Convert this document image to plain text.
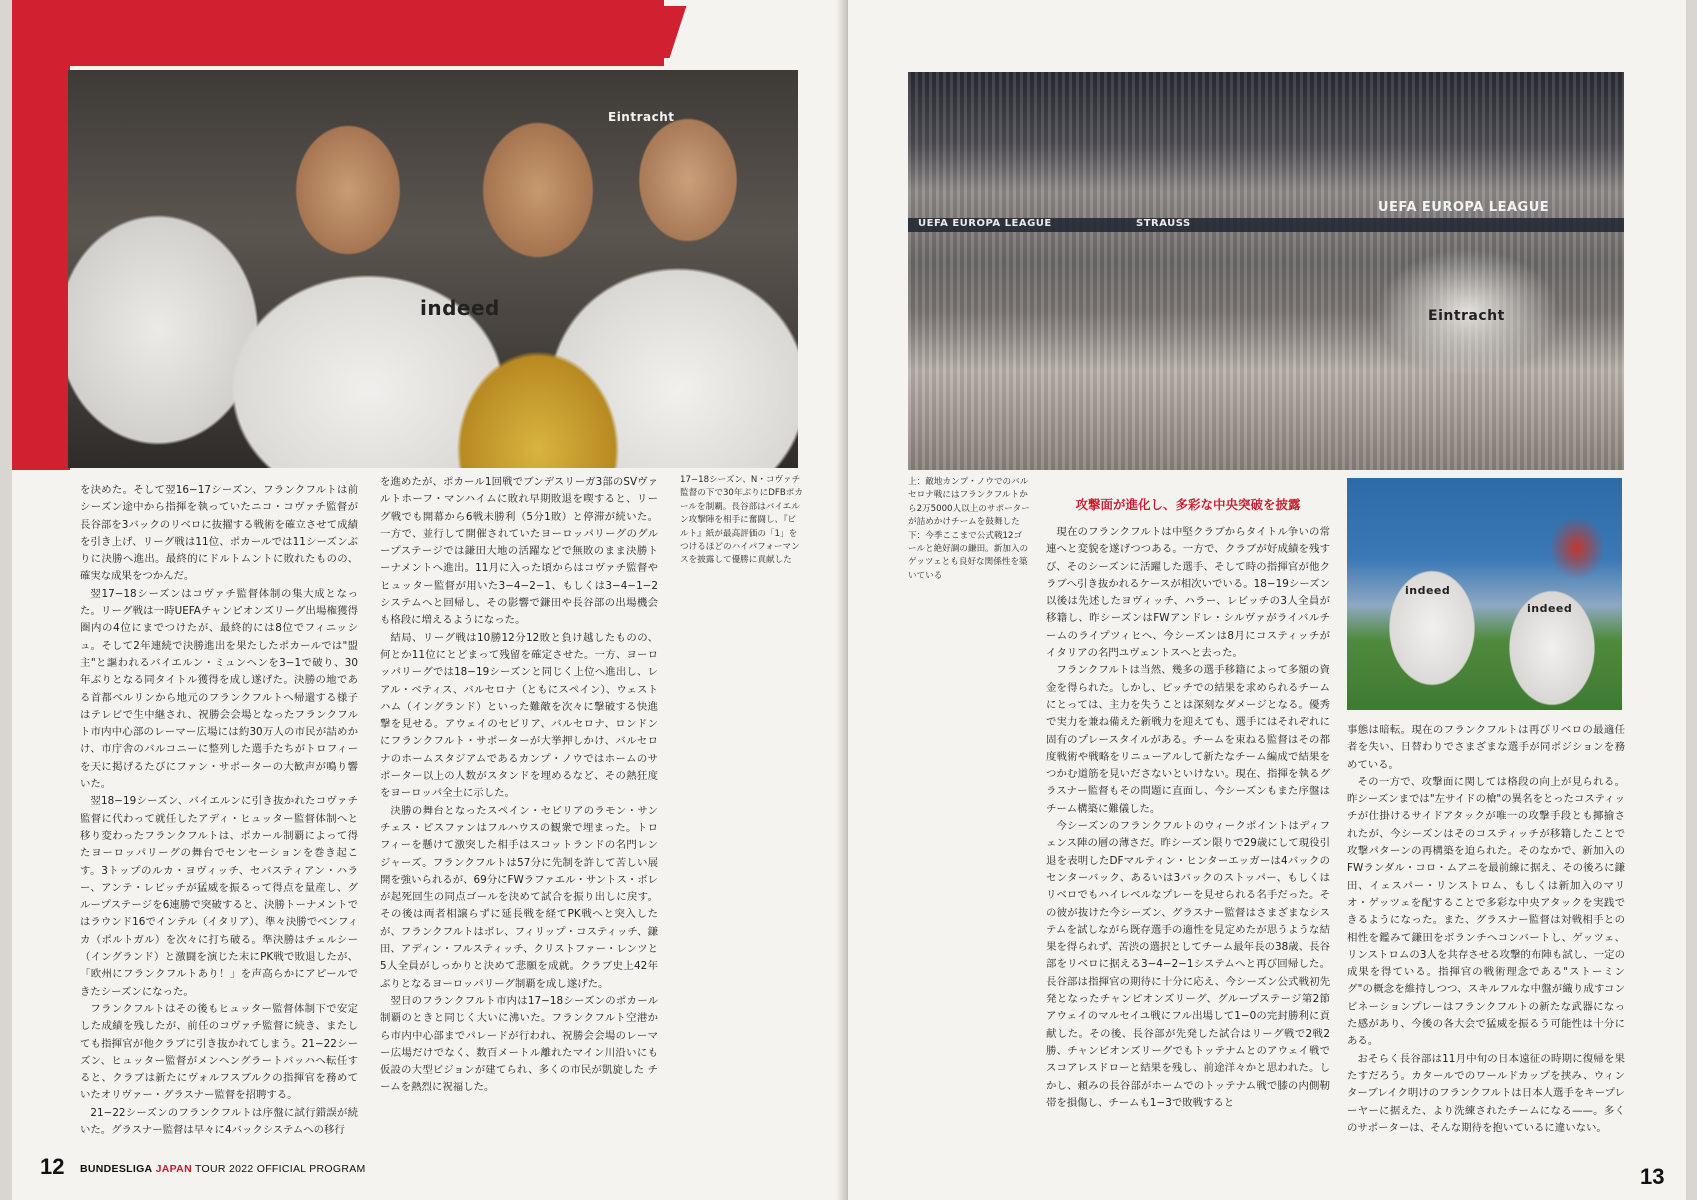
indeed
Eintracht
17−18シーズン、N・コヴァチ監督の下で30年ぶりにDFBポカールを制覇。長谷部はバイエルン攻撃陣を相手に奮闘し、『ビルト』紙が最高評価の「1」をつけるほどのハイパフォーマンスを披露して優勝に貢献した

を決めた。そして翌16−17シーズン、フランクフルトは前シーズン途中から指揮を執っていたニコ・コヴァチ監督が長谷部を3バックのリベロに抜擢する戦術を確立させて成績を引き上げ、リーグ戦は11位、ポカールでは11シーズンぶりに決勝へ進出。最終的にドルトムントに敗れたものの、確実な成果をつかんだ。

翌17−18シーズンはコヴァチ監督体制の集大成となった。リーグ戦は一時UEFAチャンピオンズリーグ出場権獲得圏内の4位にまでつけたが、最終的には8位でフィニッシュ。そして2年連続で決勝進出を果たしたポカールでは"盟主"と謳われるバイエルン・ミュンヘンを3−1で破り、30年ぶりとなる同タイトル獲得を成し遂げた。決勝の地である首都ベルリンから地元のフランクフルトへ帰還する様子はテレビで生中継され、祝勝会会場となったフランクフルト市内中心部のレーマー広場には約30万人の市民が詰めかけ、市庁舎のバルコニーに整列した選手たちがトロフィーを天に掲げるたびにファン・サポーターの大歓声が鳴り響いた。

翌18−19シーズン、バイエルンに引き抜かれたコヴァチ監督に代わって就任したアディ・ヒュッター監督体制へと移り変わったフランクフルトは、ポカール制覇によって得たヨーロッパリーグの舞台でセンセーションを巻き起こす。3トップのルカ・ヨヴィッチ、セバスティアン・ハラー、アンテ・レビッチが猛威を振るって得点を量産し、グループステージを6連勝で突破すると、決勝トーナメントではラウンド16でインテル（イタリア）、準々決勝でベンフィカ（ポルトガル）を次々に打ち破る。準決勝はチェルシー（イングランド）と激闘を演じた末にPK戦で敗退したが、「欧州にフランクフルトあり！」を声高らかにアピールできたシーズンになった。

フランクフルトはその後もヒュッター監督体制下で安定した成績を残したが、前任のコヴァチ監督に続き、またしても指揮官が他クラブに引き抜かれてしまう。21−22シーズン、ヒュッター監督がメンヘングラートバッハへ転任すると、クラブは新たにヴォルフスブルクの指揮官を務めていたオリヴァー・グラスナー監督を招聘する。

21−22シーズンのフランクフルトは序盤に試行錯誤が続いた。グラスナー監督は早々に4バックシステムへの移行

を進めたが、ポカール1回戦でブンデスリーガ3部のSVヴァルトホーフ・マンハイムに敗れ早期敗退を喫すると、リーグ戦でも開幕から6戦未勝利（5分1敗）と停滞が続いた。一方で、並行して開催されていたヨーロッパリーグのグループステージでは鎌田大地の活躍などで無敗のまま決勝トーナメントへ進出。11月に入った頃からはコヴァチ監督やヒュッター監督が用いた3−4−2−1、もしくは3−4−1−2システムへと回帰し、その影響で鎌田や長谷部の出場機会も格段に増えるようになった。

結局、リーグ戦は10勝12分12敗と負け越したものの、何とか11位にとどまって残留を確定させた。一方、ヨーロッパリーグでは18−19シーズンと同じく上位へ進出し、レアル・ベティス、バルセロナ（ともにスペイン）、ウェストハム（イングランド）といった難敵を次々に撃破する快進撃を見せる。アウェイのセビリア、バルセロナ、ロンドンにフランクフルト・サポーターが大挙押しかけ、バルセロナのホームスタジアムであるカンプ・ノウではホームのサポーター以上の人数がスタンドを埋めるなど、その熱狂度をヨーロッパ全土に示した。

決勝の舞台となったスペイン・セビリアのラモン・サンチェス・ピスファンはフルハウスの観衆で埋まった。トロフィーを懸けて激突した相手はスコットランドの名門レンジャーズ。フランクフルトは57分に先制を許して苦しい展開を強いられるが、69分にFWラファエル・サントス・ボレが起死回生の同点ゴールを決めて試合を振り出しに戻す。その後は両者相譲らずに延長戦を経てPK戦へと突入したが、フランクフルトはボレ、フィリップ・コスティッチ、鎌田、アディン・フルスティッチ、クリストファー・レンツと5人全員がしっかりと決めて悲願を成就。クラブ史上42年ぶりとなるヨーロッパリーグ制覇を成し遂げた。

翌日のフランクフルト市内は17−18シーズンのポカール制覇のときと同じく大いに沸いた。フランクフルト空港から市内中心部までパレードが行われ、祝勝会会場のレーマー広場だけでなく、数百メートル離れたマイン川沿いにも仮設の大型ビジョンが建てられ、多くの市民が凱旋した チームを熱烈に祝福した。

12 BUNDESLIGA JAPAN TOUR 2022 OFFICIAL PROGRAM
UEFA EUROPA LEAGUE	STRAUSS
UEFA EUROPA LEAGUE
Eintracht
上：敵地カンプ・ノウでのバルセロナ戦にはフランクフルトから2万5000人以上のサポーターが詰めかけチームを鼓舞した　下：今季ここまで公式戦12ゴールと絶好調の鎌田。新加入のゲッツェとも良好な関係性を築いている
攻撃面が進化し、多彩な中央突破を披露

現在のフランクフルトは中堅クラブからタイトル争いの常連へと変貌を遂げつつある。一方で、クラブが好成績を残すび、そのシーズンに活躍した選手、そして時の指揮官が他クラブへ引き抜かれるケースが相次いでいる。18−19シーズン以後は先述したヨヴィッチ、ハラー、レビッチの3人全員が移籍し、昨シーズンはFWアンドレ・シルヴァがライバルチームのライプツィヒへ、今シーズンは8月にコスティッチがイタリアの名門ユヴェントスへと去った。

フランクフルトは当然、幾多の選手移籍によって多額の資金を得られた。しかし、ピッチでの結果を求められるチームにとっては、主力を失うことは深刻なダメージとなる。優秀で実力を兼ね備えた新戦力を迎えても、選手にはそれぞれに固有のプレースタイルがある。チームを束ねる監督はその都度戦術や戦略をリニューアルして新たなチーム編成で結果をつかむ道筋を見いださないといけない。現在、指揮を執るグラスナー監督もその問題に直面し、今シーズンもまた序盤はチーム構築に難儀した。

今シーズンのフランクフルトのウィークポイントはディフェンス陣の層の薄さだ。昨シーズン限りで29歳にして現役引退を表明したDFマルティン・ヒンターエッガーは4バックのセンターバック、あるいは3バックのストッパー、もしくはリベロでもハイレベルなプレーを見せられる名手だった。その彼が抜けた今シーズン、グラスナー監督はさまざまなシステムを試しながら既存選手の適性を見定めたが思うような結果を得られず、苦渋の選択としてチーム最年長の38歳、長谷部をリベロに据える3−4−2−1システムへと再び回帰した。長谷部は指揮官の期待に十分に応え、今シーズン公式戦初先発となったチャンピオンズリーグ、グループステージ第2節アウェイのマルセイユ戦にフル出場して1−0の完封勝利に貢献した。その後、長谷部が先発した試合はリーグ戦で2戦2勝、チャンピオンズリーグでもトッテナムとのアウェイ戦でスコアレスドローと結果を残し、前途洋々かと思われた。しかし、頼みの長谷部がホームでのトッテナム戦で膝の内側靭帯を損傷し、チームも1−3で敗戦すると

indeed
indeed

事態は暗転。現在のフランクフルトは再びリベロの最適任者を失い、日替わりでさまざまな選手が同ポジションを務めている。

その一方で、攻撃面に関しては格段の向上が見られる。昨シーズンまでは"左サイドの槍"の異名をとったコスティッチが仕掛けるサイドアタックが唯一の攻撃手段とも揶揄されたが、今シーズンはそのコスティッチが移籍したことで攻撃パターンの再構築を迫られた。そのなかで、新加入のFWランダル・コロ・ムアニを最前線に据え、その後ろに鎌田、イェスパー・リンストロム、もしくは新加入のマリオ・ゲッツェを配することで多彩な中央アタックを実践できるようになった。また、グラスナー監督は対戦相手との相性を鑑みて鎌田をボランチへコンバートし、ゲッツェ、リンストロムの3人を共存させる攻撃的布陣も試し、一定の成果を得ている。指揮官の戦術理念である"ストーミング"の概念を維持しつつ、スキルフルな中盤が織り成すコンビネーションプレーはフランクフルトの新たな武器になった感があり、今後の各大会で猛威を振るう可能性は十分にある。

おそらく長谷部は11月中旬の日本遠征の時期に復帰を果たすだろう。カタールでのワールドカップを挟み、ウィンターブレイク明けのフランクフルトは日本人選手をキープレーヤーに据えた、より洗練されたチームになる——。多くのサポーターは、そんな期待を抱いているに違いない。

13
